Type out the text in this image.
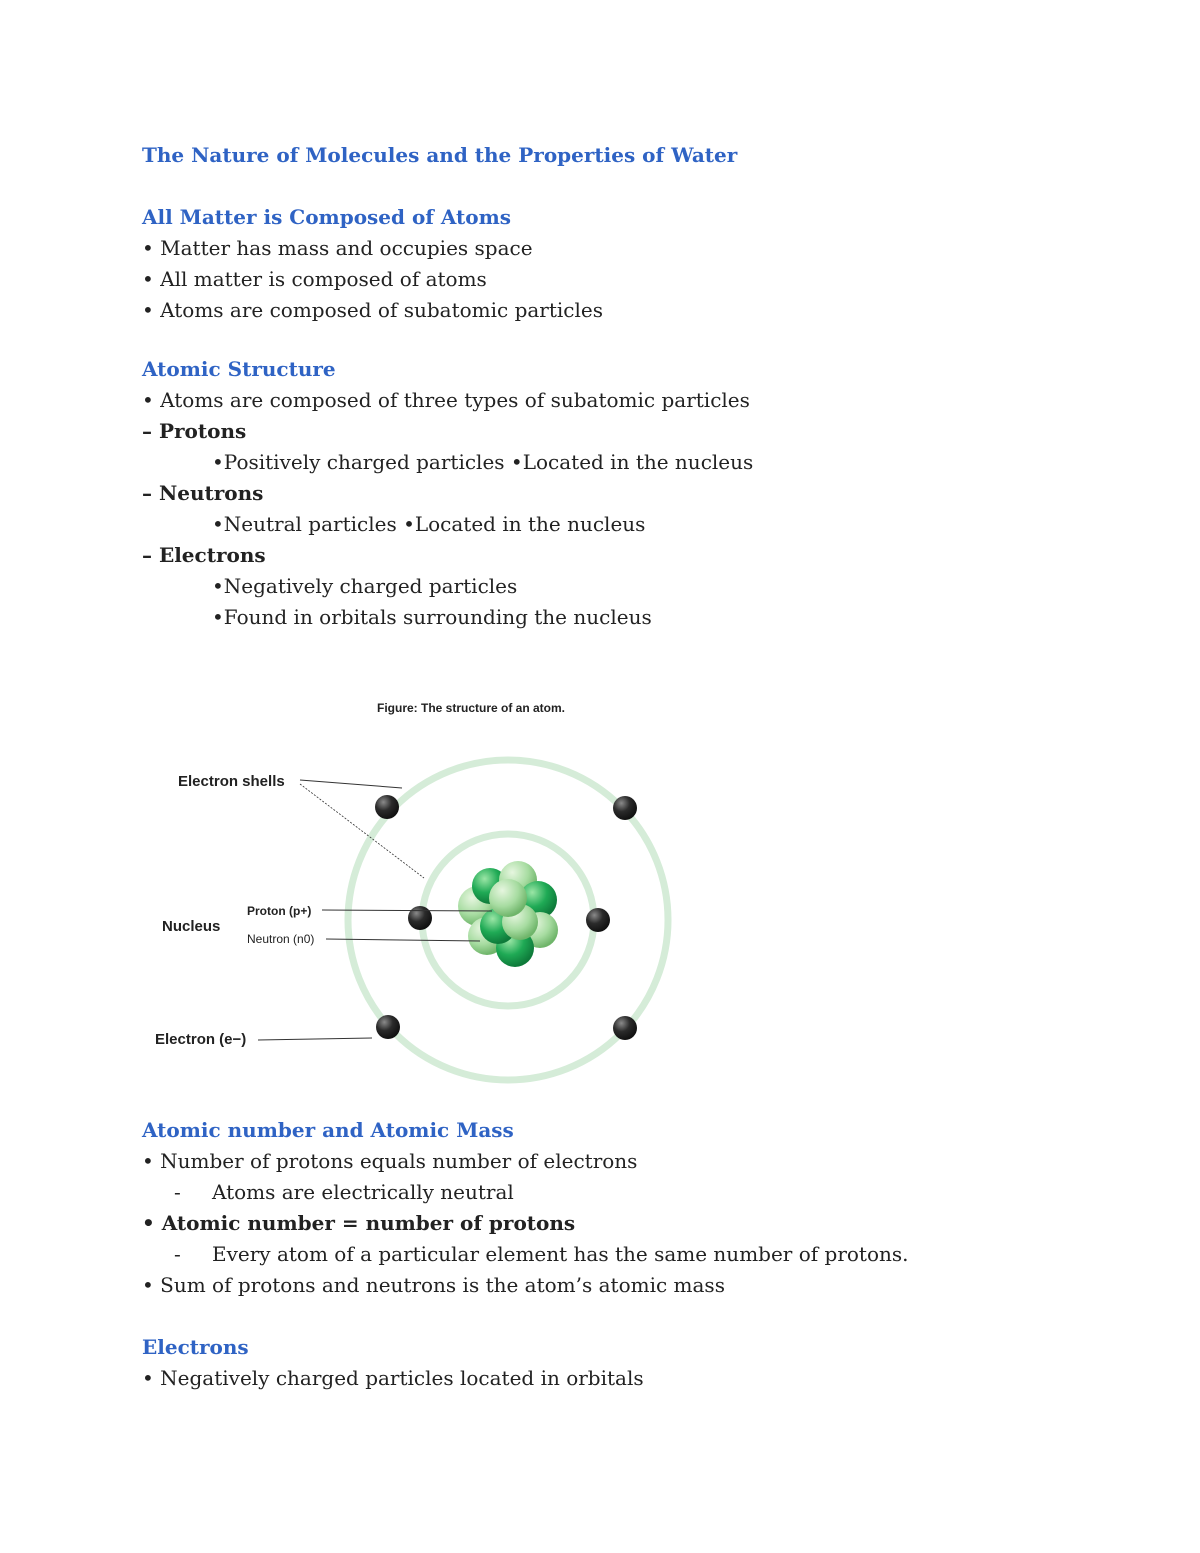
The Nature of Molecules and the Properties of Water

All Matter is Composed of Atoms

• Matter has mass and occupies space

• All matter is composed of atoms

• Atoms are composed of subatomic particles

Atomic Structure

• Atoms are composed of three types of subatomic particles

– Protons

•Positively charged particles •Located in the nucleus

– Neutrons

•Neutral particles •Located in the nucleus

– Electrons

•Negatively charged particles

•Found in orbitals surrounding the nucleus

Figure: The structure of an atom.
Electron shells
Nucleus
Proton (p+)
Neutron (n0)
Electron (e−)

Atomic number and Atomic Mass

• Number of protons equals number of electrons

- Atoms are electrically neutral

• Atomic number = number of protons

- Every atom of a particular element has the same number of protons.

• Sum of protons and neutrons is the atom’s atomic mass

Electrons

• Negatively charged particles located in orbitals
